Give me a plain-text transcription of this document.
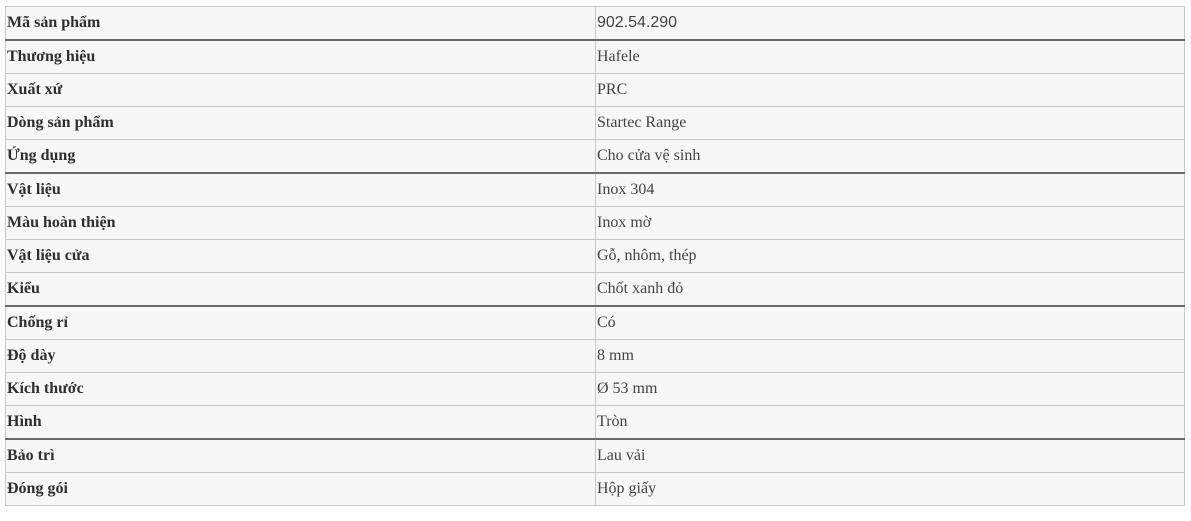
Mã sản phẩm	902.54.290
Thương hiệu	Hafele
Xuất xứ	PRC
Dòng sản phẩm	Startec Range
Ứng dụng	Cho cửa vệ sinh
Vật liệu	Inox 304
Màu hoàn thiện	Inox mờ
Vật liệu cửa	Gỗ, nhôm, thép
Kiểu	Chốt xanh đỏ
Chống rỉ	Có
Độ dày	8 mm
Kích thước	Ø 53 mm
Hình	Tròn
Bảo trì	Lau vải
Đóng gói	Hộp giấy
